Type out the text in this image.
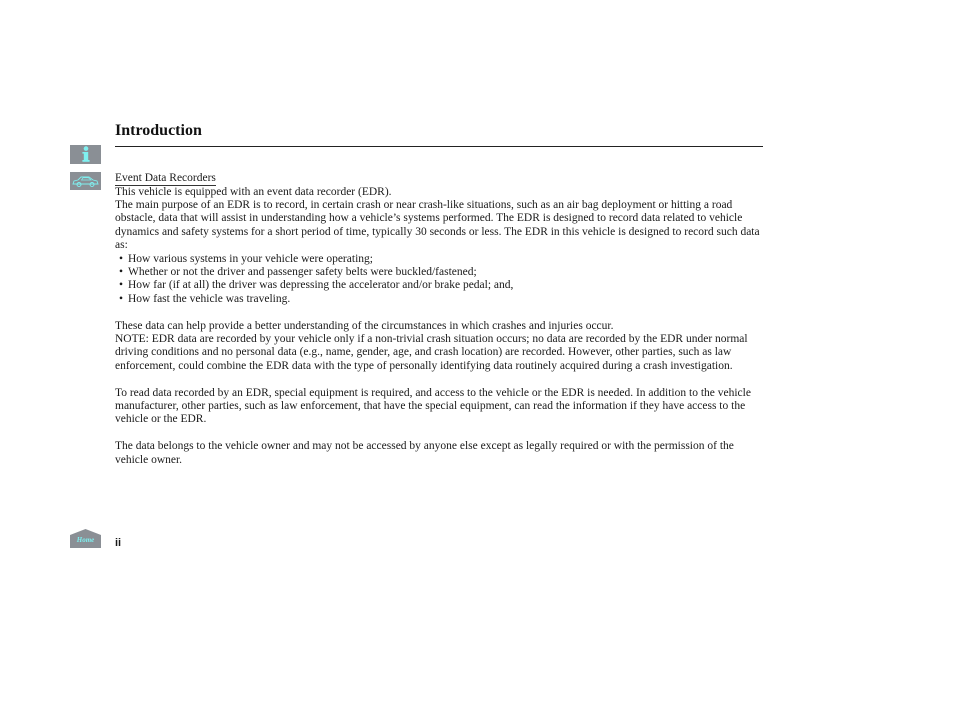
Introduction

Event Data Recorders

This vehicle is equipped with an event data recorder (EDR).

The main purpose of an EDR is to record, in certain crash or near crash-like situations, such as an air bag deployment or hitting a road obstacle, data that will assist in understanding how a vehicle’s systems performed. The EDR is designed to record data related to vehicle dynamics and safety systems for a short period of time, typically 30 seconds or less. The EDR in this vehicle is designed to record such data as:

• How various systems in your vehicle were operating;
• Whether or not the driver and passenger safety belts were buckled/fastened;
• How far (if at all) the driver was depressing the accelerator and/or brake pedal; and,
• How fast the vehicle was traveling.

These data can help provide a better understanding of the circumstances in which crashes and injuries occur.

NOTE: EDR data are recorded by your vehicle only if a non-trivial crash situation occurs; no data are recorded by the EDR under normal driving conditions and no personal data (e.g., name, gender, age, and crash location) are recorded. However, other parties, such as law enforcement, could combine the EDR data with the type of personally identifying data routinely acquired during a crash investigation.

To read data recorded by an EDR, special equipment is required, and access to the vehicle or the EDR is needed. In addition to the vehicle manufacturer, other parties, such as law enforcement, that have the special equipment, can read the information if they have access to the vehicle or the EDR.

The data belongs to the vehicle owner and may not be accessed by anyone else except as legally required or with the permission of the vehicle owner.

Home	ii
